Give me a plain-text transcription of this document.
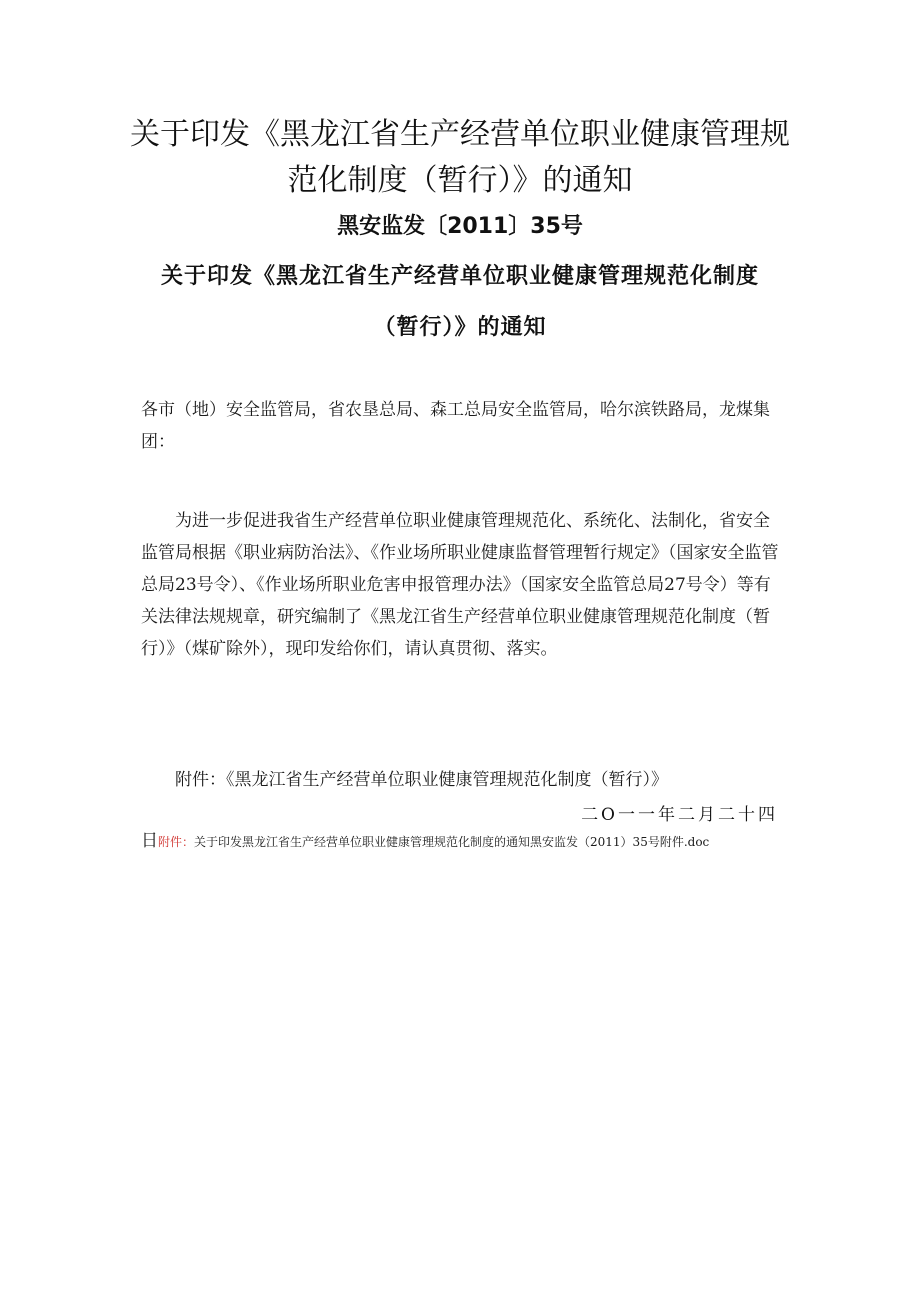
关于印发《黑龙江省生产经营单位职业健康管理规
范化制度（暂行）》的通知
黑安监发〔2011〕35号
关于印发《黑龙江省生产经营单位职业健康管理规范化制度
（暂行）》的通知
各市（地）安全监管局，省农垦总局、森工总局安全监管局，哈尔滨铁路局，龙煤集团：
为进一步促进我省生产经营单位职业健康管理规范化、系统化、法制化，省安全监管局根据《职业病防治法》、《作业场所职业健康监督管理暂行规定》（国家安全监管总局23号令）、《作业场所职业危害申报管理办法》（国家安全监管总局27号令）等有关法律法规规章，研究编制了《黑龙江省生产经营单位职业健康管理规范化制度（暂行）》（煤矿除外），现印发给你们，请认真贯彻、落实。
附件：《黑龙江省生产经营单位职业健康管理规范化制度（暂行）》
二O一一年二月二十四
日附件：关于印发黑龙江省生产经营单位职业健康管理规范化制度的通知黑安监发（2011）35号附件.doc
